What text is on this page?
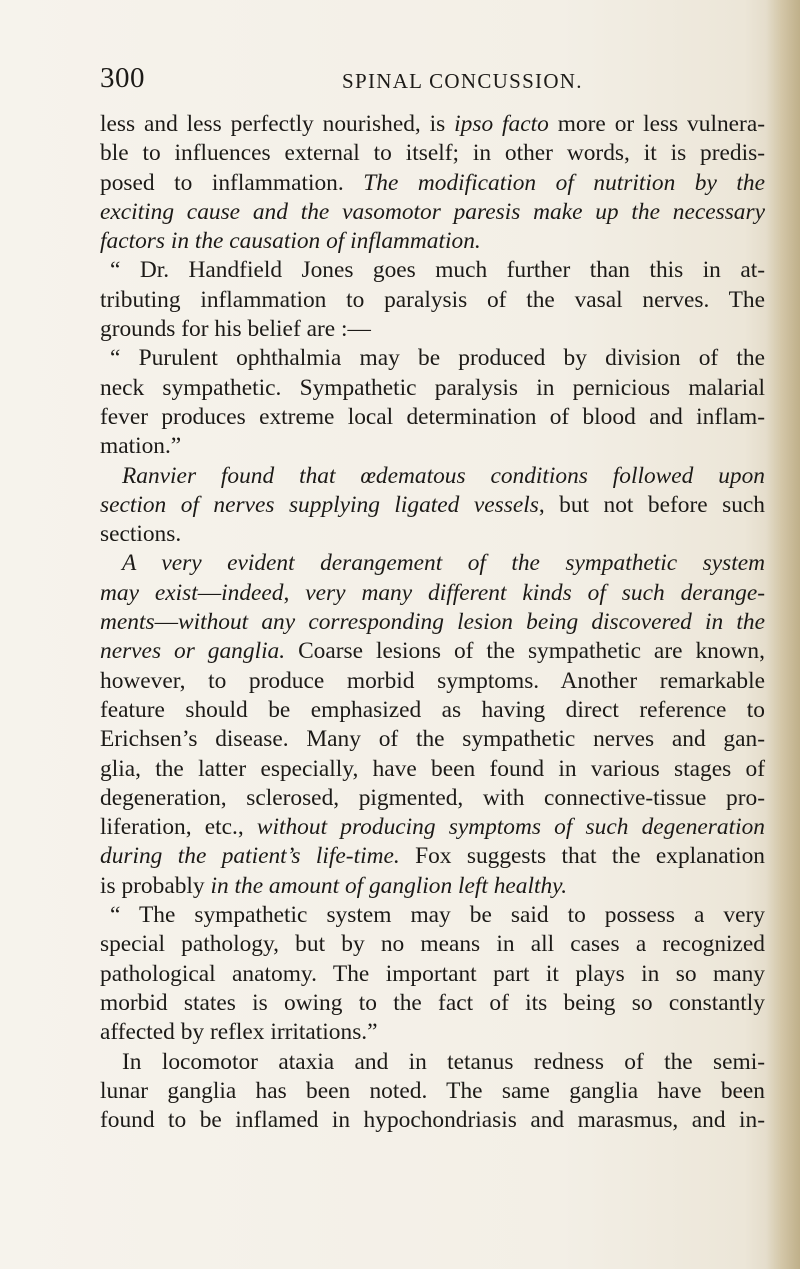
300	SPINAL CONCUSSION.
less and less perfectly nourished, is ipso facto more or less vulnera-
ble to influences external to itself; in other words, it is predis-
posed to inflammation. The modification of nutrition by the
exciting cause and the vasomotor paresis make up the necessary
factors in the causation of inflammation.
“ Dr. Handfield Jones goes much further than this in at-
tributing inflammation to paralysis of the vasal nerves. The
grounds for his belief are :—
“ Purulent ophthalmia may be produced by division of the
neck sympathetic. Sympathetic paralysis in pernicious malarial
fever produces extreme local determination of blood and inflam-
mation.”
Ranvier found that œdematous conditions followed upon
section of nerves supplying ligated vessels, but not before such
sections.
A very evident derangement of the sympathetic system
may exist—indeed, very many different kinds of such derange-
ments—without any corresponding lesion being discovered in the
nerves or ganglia. Coarse lesions of the sympathetic are known,
however, to produce morbid symptoms. Another remarkable
feature should be emphasized as having direct reference to
Erichsen’s disease. Many of the sympathetic nerves and gan-
glia, the latter especially, have been found in various stages of
degeneration, sclerosed, pigmented, with connective-tissue pro-
liferation, etc., without producing symptoms of such degeneration
during the patient’s life-time. Fox suggests that the explanation
is probably in the amount of ganglion left healthy.
“ The sympathetic system may be said to possess a very
special pathology, but by no means in all cases a recognized
pathological anatomy. The important part it plays in so many
morbid states is owing to the fact of its being so constantly
affected by reflex irritations.”
In locomotor ataxia and in tetanus redness of the semi-
lunar ganglia has been noted. The same ganglia have been
found to be inflamed in hypochondriasis and marasmus, and in-
